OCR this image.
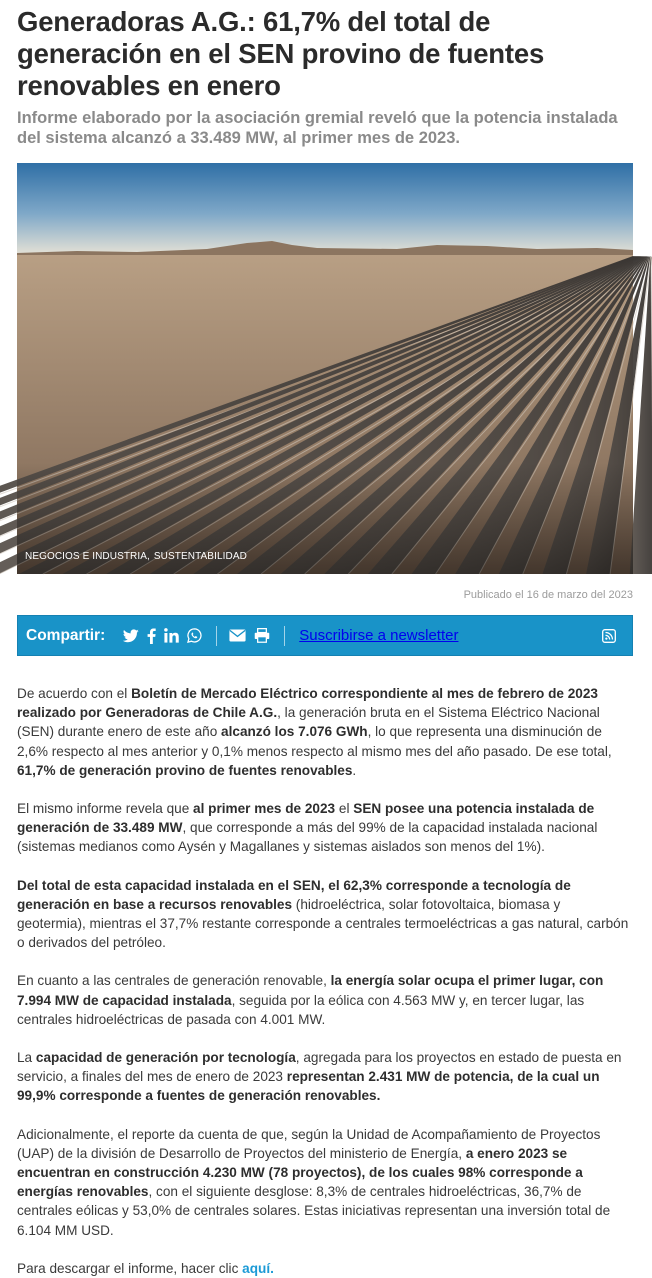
Generadoras A.G.: 61,7% del total de generación en el SEN provino de fuentes renovables en enero
Informe elaborado por la asociación gremial reveló que la potencia instalada del sistema alcanzó a 33.489 MW, al primer mes de 2023.
NEGOCIOS E INDUSTRIA, SUSTENTABILIDAD
Publicado el 16 de marzo del 2023
Compartir:	Suscribirse a newsletter

De acuerdo con el Boletín de Mercado Eléctrico correspondiente al mes de febrero de 2023 realizado por Generadoras de Chile A.G., la generación bruta en el Sistema Eléctrico Nacional (SEN) durante enero de este año alcanzó los 7.076 GWh, lo que representa una disminución de 2,6% respecto al mes anterior y 0,1% menos respecto al mismo mes del año pasado. De ese total, 61,7% de generación provino de fuentes renovables.

El mismo informe revela que al primer mes de 2023 el SEN posee una potencia instalada de generación de 33.489 MW, que corresponde a más del 99% de la capacidad instalada nacional (sistemas medianos como Aysén y Magallanes y sistemas aislados son menos del 1%).

Del total de esta capacidad instalada en el SEN, el 62,3% corresponde a tecnología de generación en base a recursos renovables (hidroeléctrica, solar fotovoltaica, biomasa y geotermia), mientras el 37,7% restante corresponde a centrales termoeléctricas a gas natural, carbón o derivados del petróleo.

En cuanto a las centrales de generación renovable, la energía solar ocupa el primer lugar, con 7.994 MW de capacidad instalada, seguida por la eólica con 4.563 MW y, en tercer lugar, las centrales hidroeléctricas de pasada con 4.001 MW.

La capacidad de generación por tecnología, agregada para los proyectos en estado de puesta en servicio, a finales del mes de enero de 2023 representan 2.431 MW de potencia, de la cual un 99,9% corresponde a fuentes de generación renovables.

Adicionalmente, el reporte da cuenta de que, según la Unidad de Acompañamiento de Proyectos (UAP) de la división de Desarrollo de Proyectos del ministerio de Energía, a enero 2023 se encuentran en construcción 4.230 MW (78 proyectos), de los cuales 98% corresponde a energías renovables, con el siguiente desglose: 8,3% de centrales hidroeléctricas, 36,7% de centrales eólicas y 53,0% de centrales solares. Estas iniciativas representan una inversión total de 6.104 MM USD.

Para descargar el informe, hacer clic aquí.
